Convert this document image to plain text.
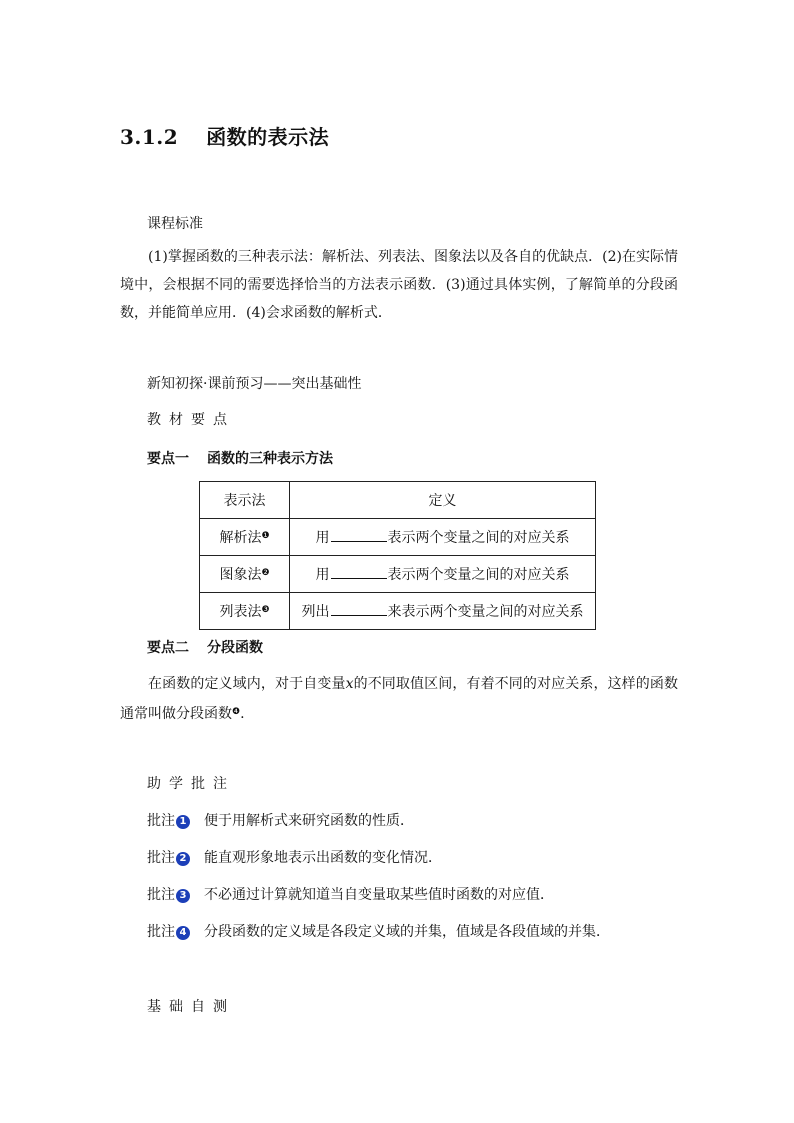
3.1.2 函数的表示法
课程标准
(1)掌握函数的三种表示法：解析法、列表法、图象法以及各自的优缺点．(2)在实际情境中，会根据不同的需要选择恰当的方法表示函数．(3)通过具体实例，了解简单的分段函数，并能简单应用．(4)会求函数的解析式．
新知初探·课前预习——突出基础性
教材要点
要点一 函数的三种表示方法
表示法	定义
解析法$^❶$	用 表示两个变量之间的对应关系
图象法$^❷$	用 表示两个变量之间的对应关系
列表法$^❸$	列出 来表示两个变量之间的对应关系
要点二 分段函数
在函数的定义域内，对于自变量x的不同取值区间，有着不同的对应关系，这样的函数通常叫做分段函数$^❹$.
助学批注
批注 1 便于用解析式来研究函数的性质．
批注 2 能直观形象地表示出函数的变化情况．
批注 3 不必通过计算就知道当自变量取某些值时函数的对应值．
批注 4 分段函数的定义域是各段定义域的并集，值域是各段值域的并集．
基础自测
